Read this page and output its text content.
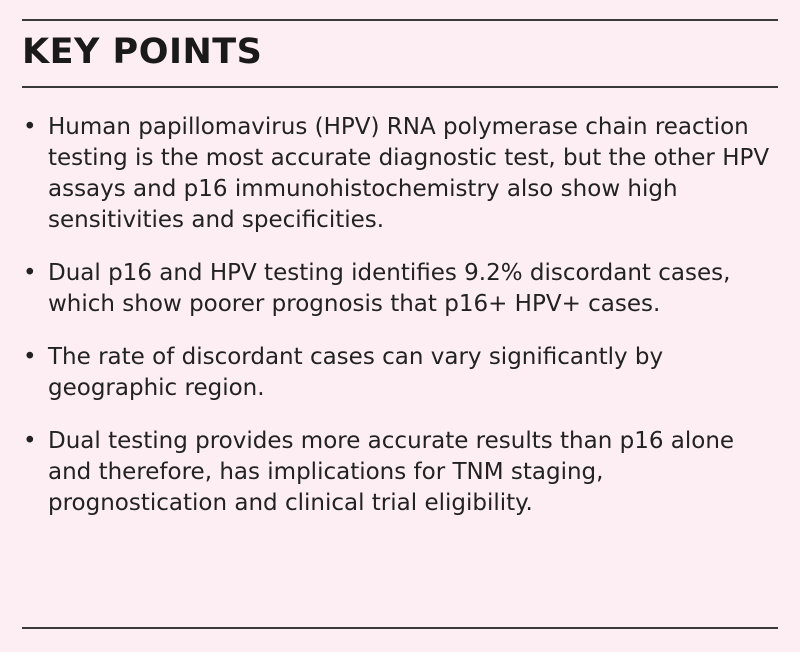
KEY POINTS
• Human papillomavirus (HPV) RNA polymerase chain reaction testing is the most accurate diagnostic test, but the other HPV assays and p16 immunohistochemistry also show high sensitivities and specificities.
• Dual p16 and HPV testing identifies 9.2% discordant cases, which show poorer prognosis that p16+ HPV+ cases.
• The rate of discordant cases can vary significantly by geographic region.
• Dual testing provides more accurate results than p16 alone and therefore, has implications for TNM staging, prognostication and clinical trial eligibility.
